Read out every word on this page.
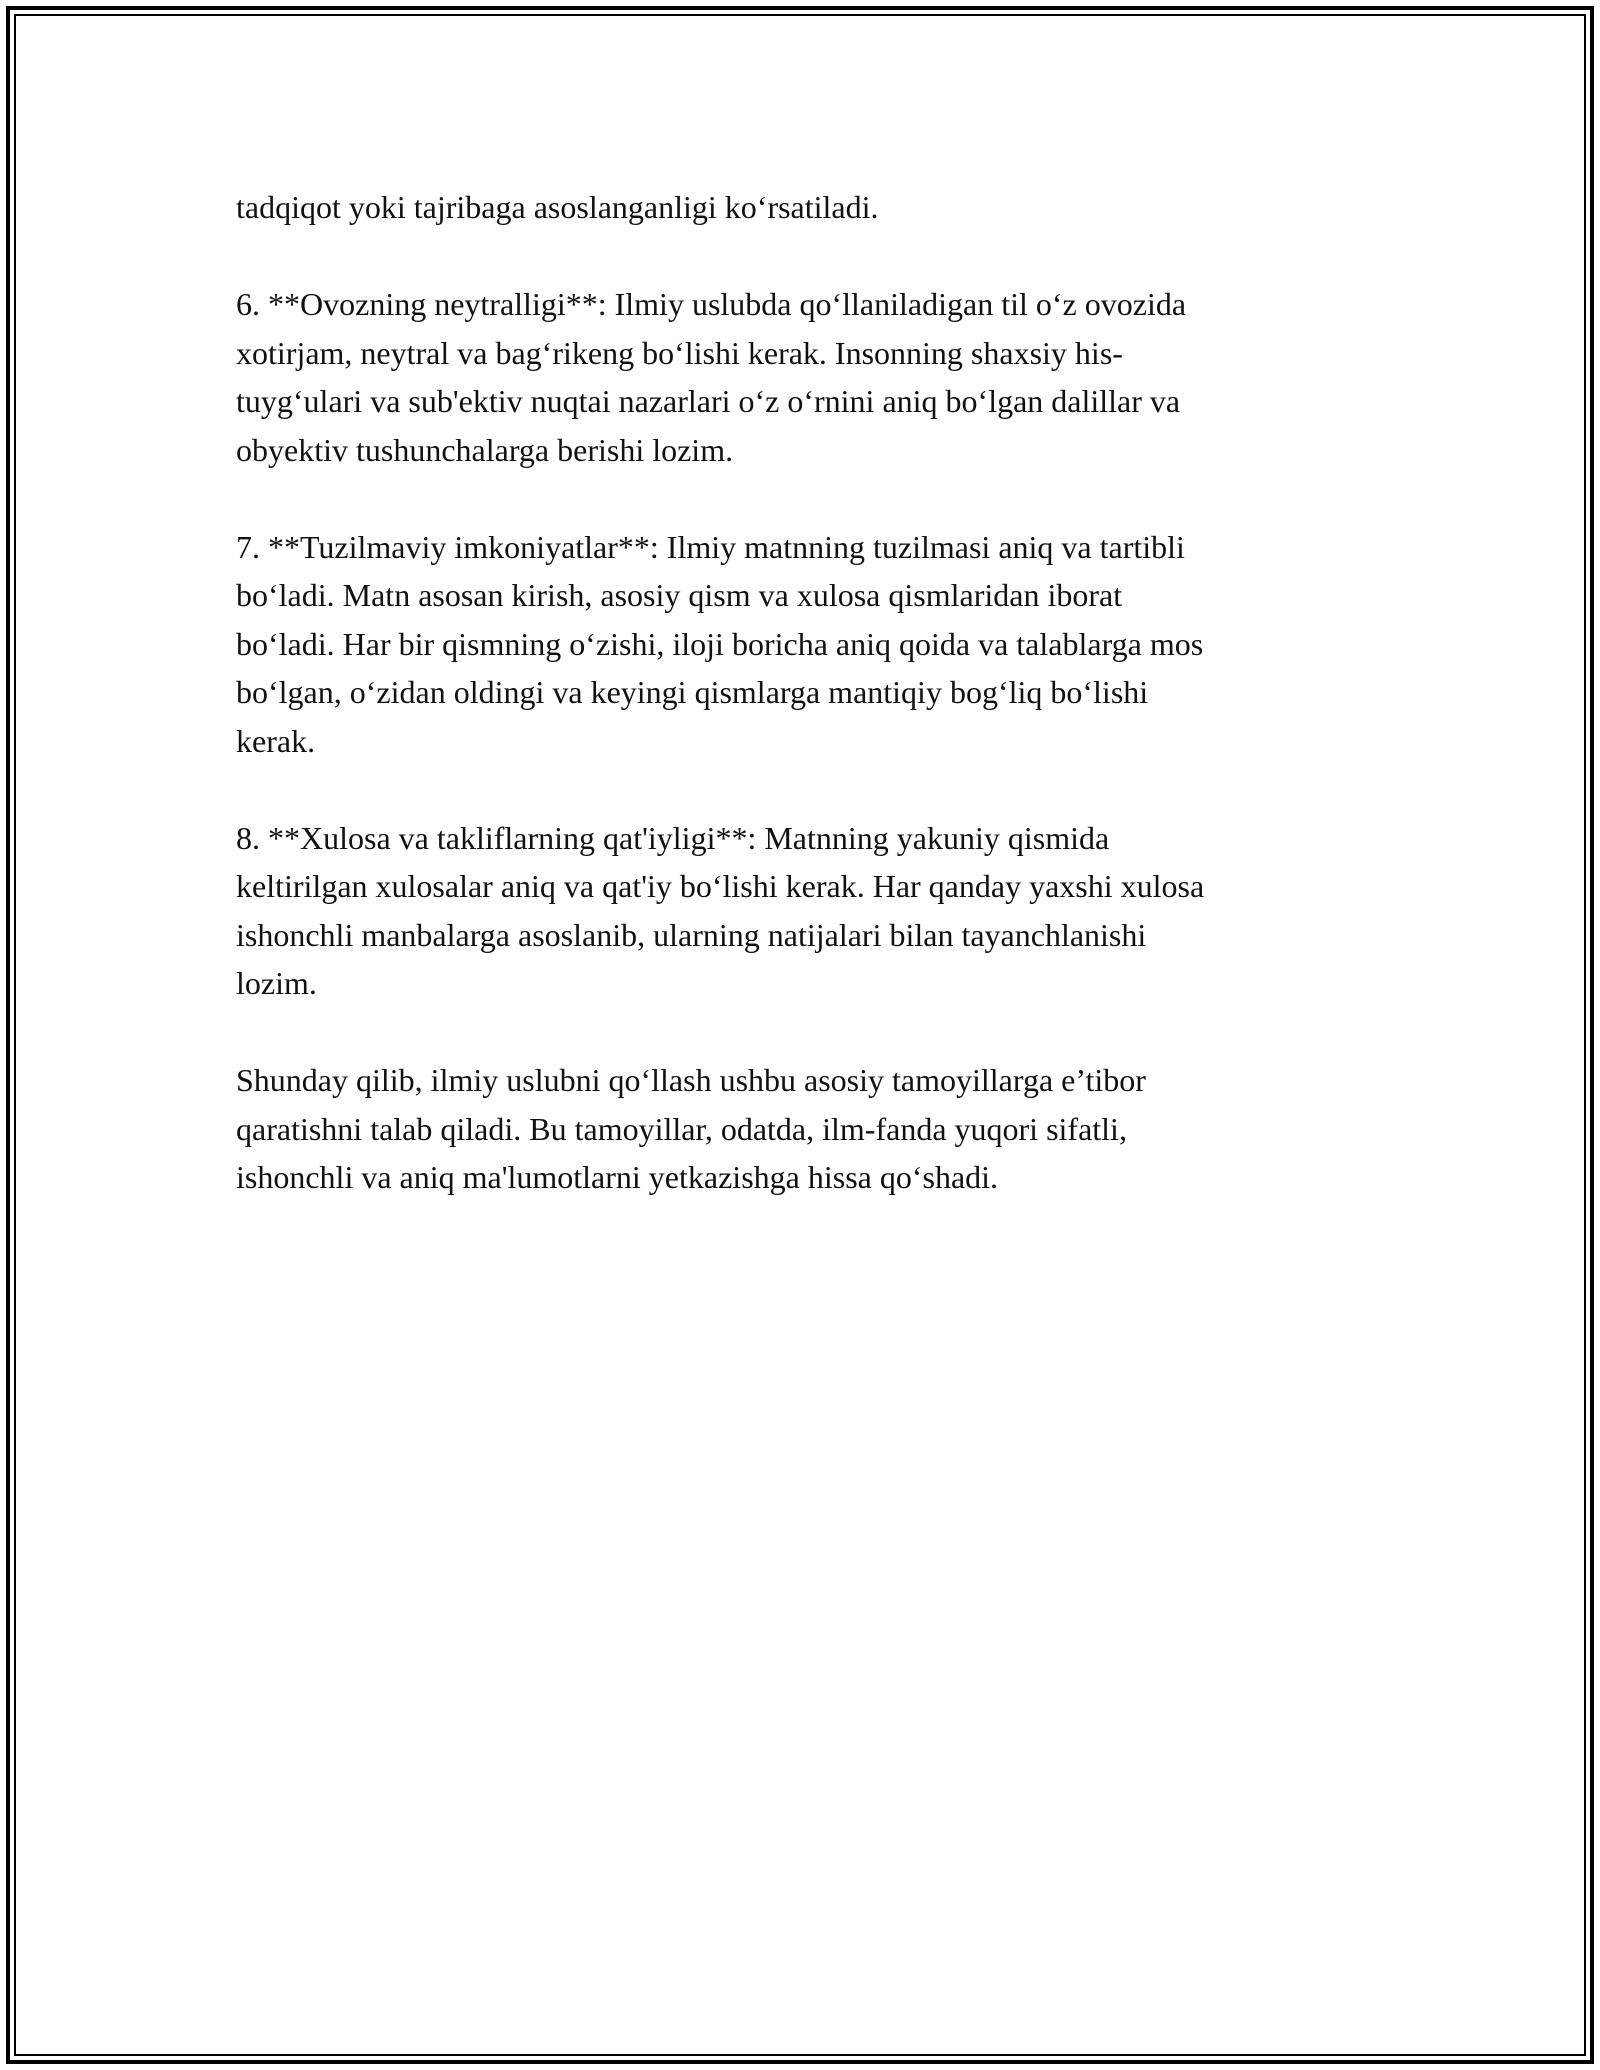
tadqiqot yoki tajribaga asoslanganligi ko‘rsatiladi.

6. **Ovozning neytralligi**: Ilmiy uslubda qo‘llaniladigan til o‘z ovozida
xotirjam, neytral va bag‘rikeng bo‘lishi kerak. Insonning shaxsiy his-
tuyg‘ulari va sub'ektiv nuqtai nazarlari o‘z o‘rnini aniq bo‘lgan dalillar va
obyektiv tushunchalarga berishi lozim.

7. **Tuzilmaviy imkoniyatlar**: Ilmiy matnning tuzilmasi aniq va tartibli
bo‘ladi. Matn asosan kirish, asosiy qism va xulosa qismlaridan iborat
bo‘ladi. Har bir qismning o‘zishi, iloji boricha aniq qoida va talablarga mos
bo‘lgan, o‘zidan oldingi va keyingi qismlarga mantiqiy bog‘liq bo‘lishi
kerak.

8. **Xulosa va takliflarning qat'iyligi**: Matnning yakuniy qismida
keltirilgan xulosalar aniq va qat'iy bo‘lishi kerak. Har qanday yaxshi xulosa
ishonchli manbalarga asoslanib, ularning natijalari bilan tayanchlanishi
lozim.

Shunday qilib, ilmiy uslubni qo‘llash ushbu asosiy tamoyillarga e’tibor
qaratishni talab qiladi. Bu tamoyillar, odatda, ilm-fanda yuqori sifatli,
ishonchli va aniq ma'lumotlarni yetkazishga hissa qo‘shadi.
